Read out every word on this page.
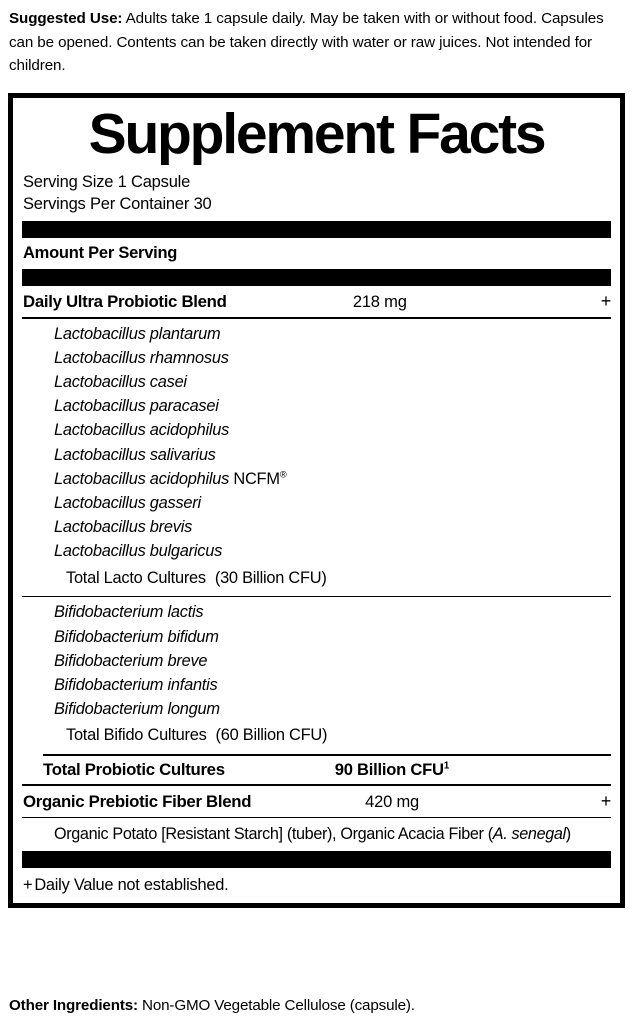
Suggested Use: Adults take 1 capsule daily. May be taken with or without food. Capsules can be opened. Contents can be taken directly with water or raw juices. Not intended for children.
Supplement Facts
Serving Size 1 Capsule
Servings Per Container 30
Amount Per Serving
Daily Ultra Probiotic Blend	218 mg	+
Lactobacillus plantarum
Lactobacillus rhamnosus
Lactobacillus casei
Lactobacillus paracasei
Lactobacillus acidophilus
Lactobacillus salivarius
Lactobacillus acidophilus NCFM®
Lactobacillus gasseri
Lactobacillus brevis
Lactobacillus bulgaricus
Total Lacto Cultures (30 Billion CFU)
Bifidobacterium lactis
Bifidobacterium bifidum
Bifidobacterium breve
Bifidobacterium infantis
Bifidobacterium longum
Total Bifido Cultures (60 Billion CFU)
Total Probiotic Cultures	90 Billion CFU$^1$
Organic Prebiotic Fiber Blend	420 mg	+
Organic Potato [Resistant Starch] (tuber), Organic Acacia Fiber (A. senegal)
+ Daily Value not established.
Other Ingredients: Non-GMO Vegetable Cellulose (capsule).
